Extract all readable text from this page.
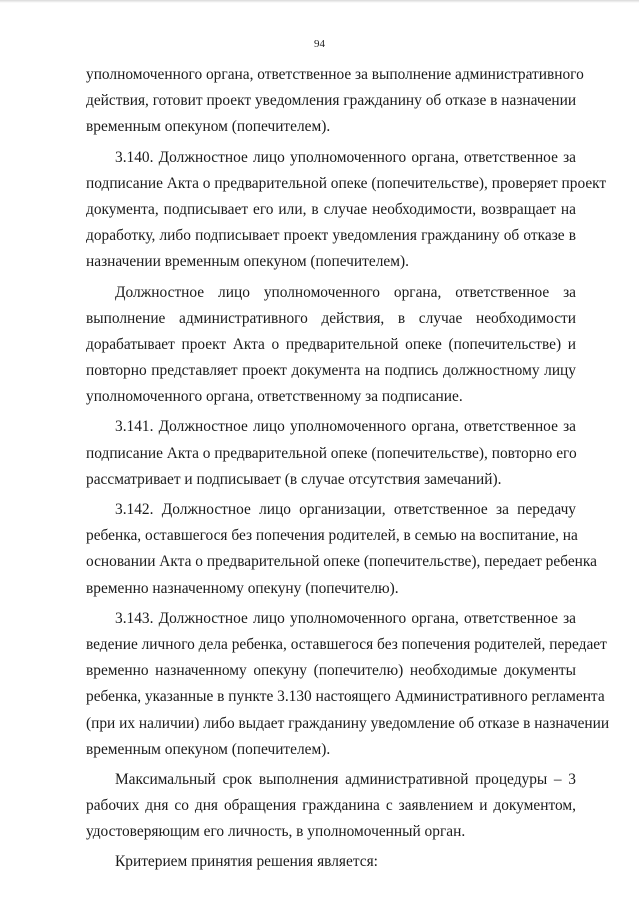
94
уполномоченного органа, ответственное за выполнение административного
действия, готовит проект уведомления гражданину об отказе в назначении
временным опекуном (попечителем).
3.140. Должностное лицо уполномоченного органа, ответственное за
подписание Акта о предварительной опеке (попечительстве), проверяет проект
документа, подписывает его или, в случае необходимости, возвращает на
доработку, либо подписывает проект уведомления гражданину об отказе в
назначении временным опекуном (попечителем).
Должностное лицо уполномоченного органа, ответственное за
выполнение административного действия, в случае необходимости
дорабатывает проект Акта о предварительной опеке (попечительстве) и
повторно представляет проект документа на подпись должностному лицу
уполномоченного органа, ответственному за подписание.
3.141. Должностное лицо уполномоченного органа, ответственное за
подписание Акта о предварительной опеке (попечительстве), повторно его
рассматривает и подписывает (в случае отсутствия замечаний).
3.142. Должностное лицо организации, ответственное за передачу
ребенка, оставшегося без попечения родителей, в семью на воспитание, на
основании Акта о предварительной опеке (попечительстве), передает ребенка
временно назначенному опекуну (попечителю).
3.143. Должностное лицо уполномоченного органа, ответственное за
ведение личного дела ребенка, оставшегося без попечения родителей, передает
временно назначенному опекуну (попечителю) необходимые документы
ребенка, указанные в пункте 3.130 настоящего Административного регламента
(при их наличии) либо выдает гражданину уведомление об отказе в назначении
временным опекуном (попечителем).
Максимальный срок выполнения административной процедуры – 3
рабочих дня со дня обращения гражданина с заявлением и документом,
удостоверяющим его личность, в уполномоченный орган.
Критерием принятия решения является:
